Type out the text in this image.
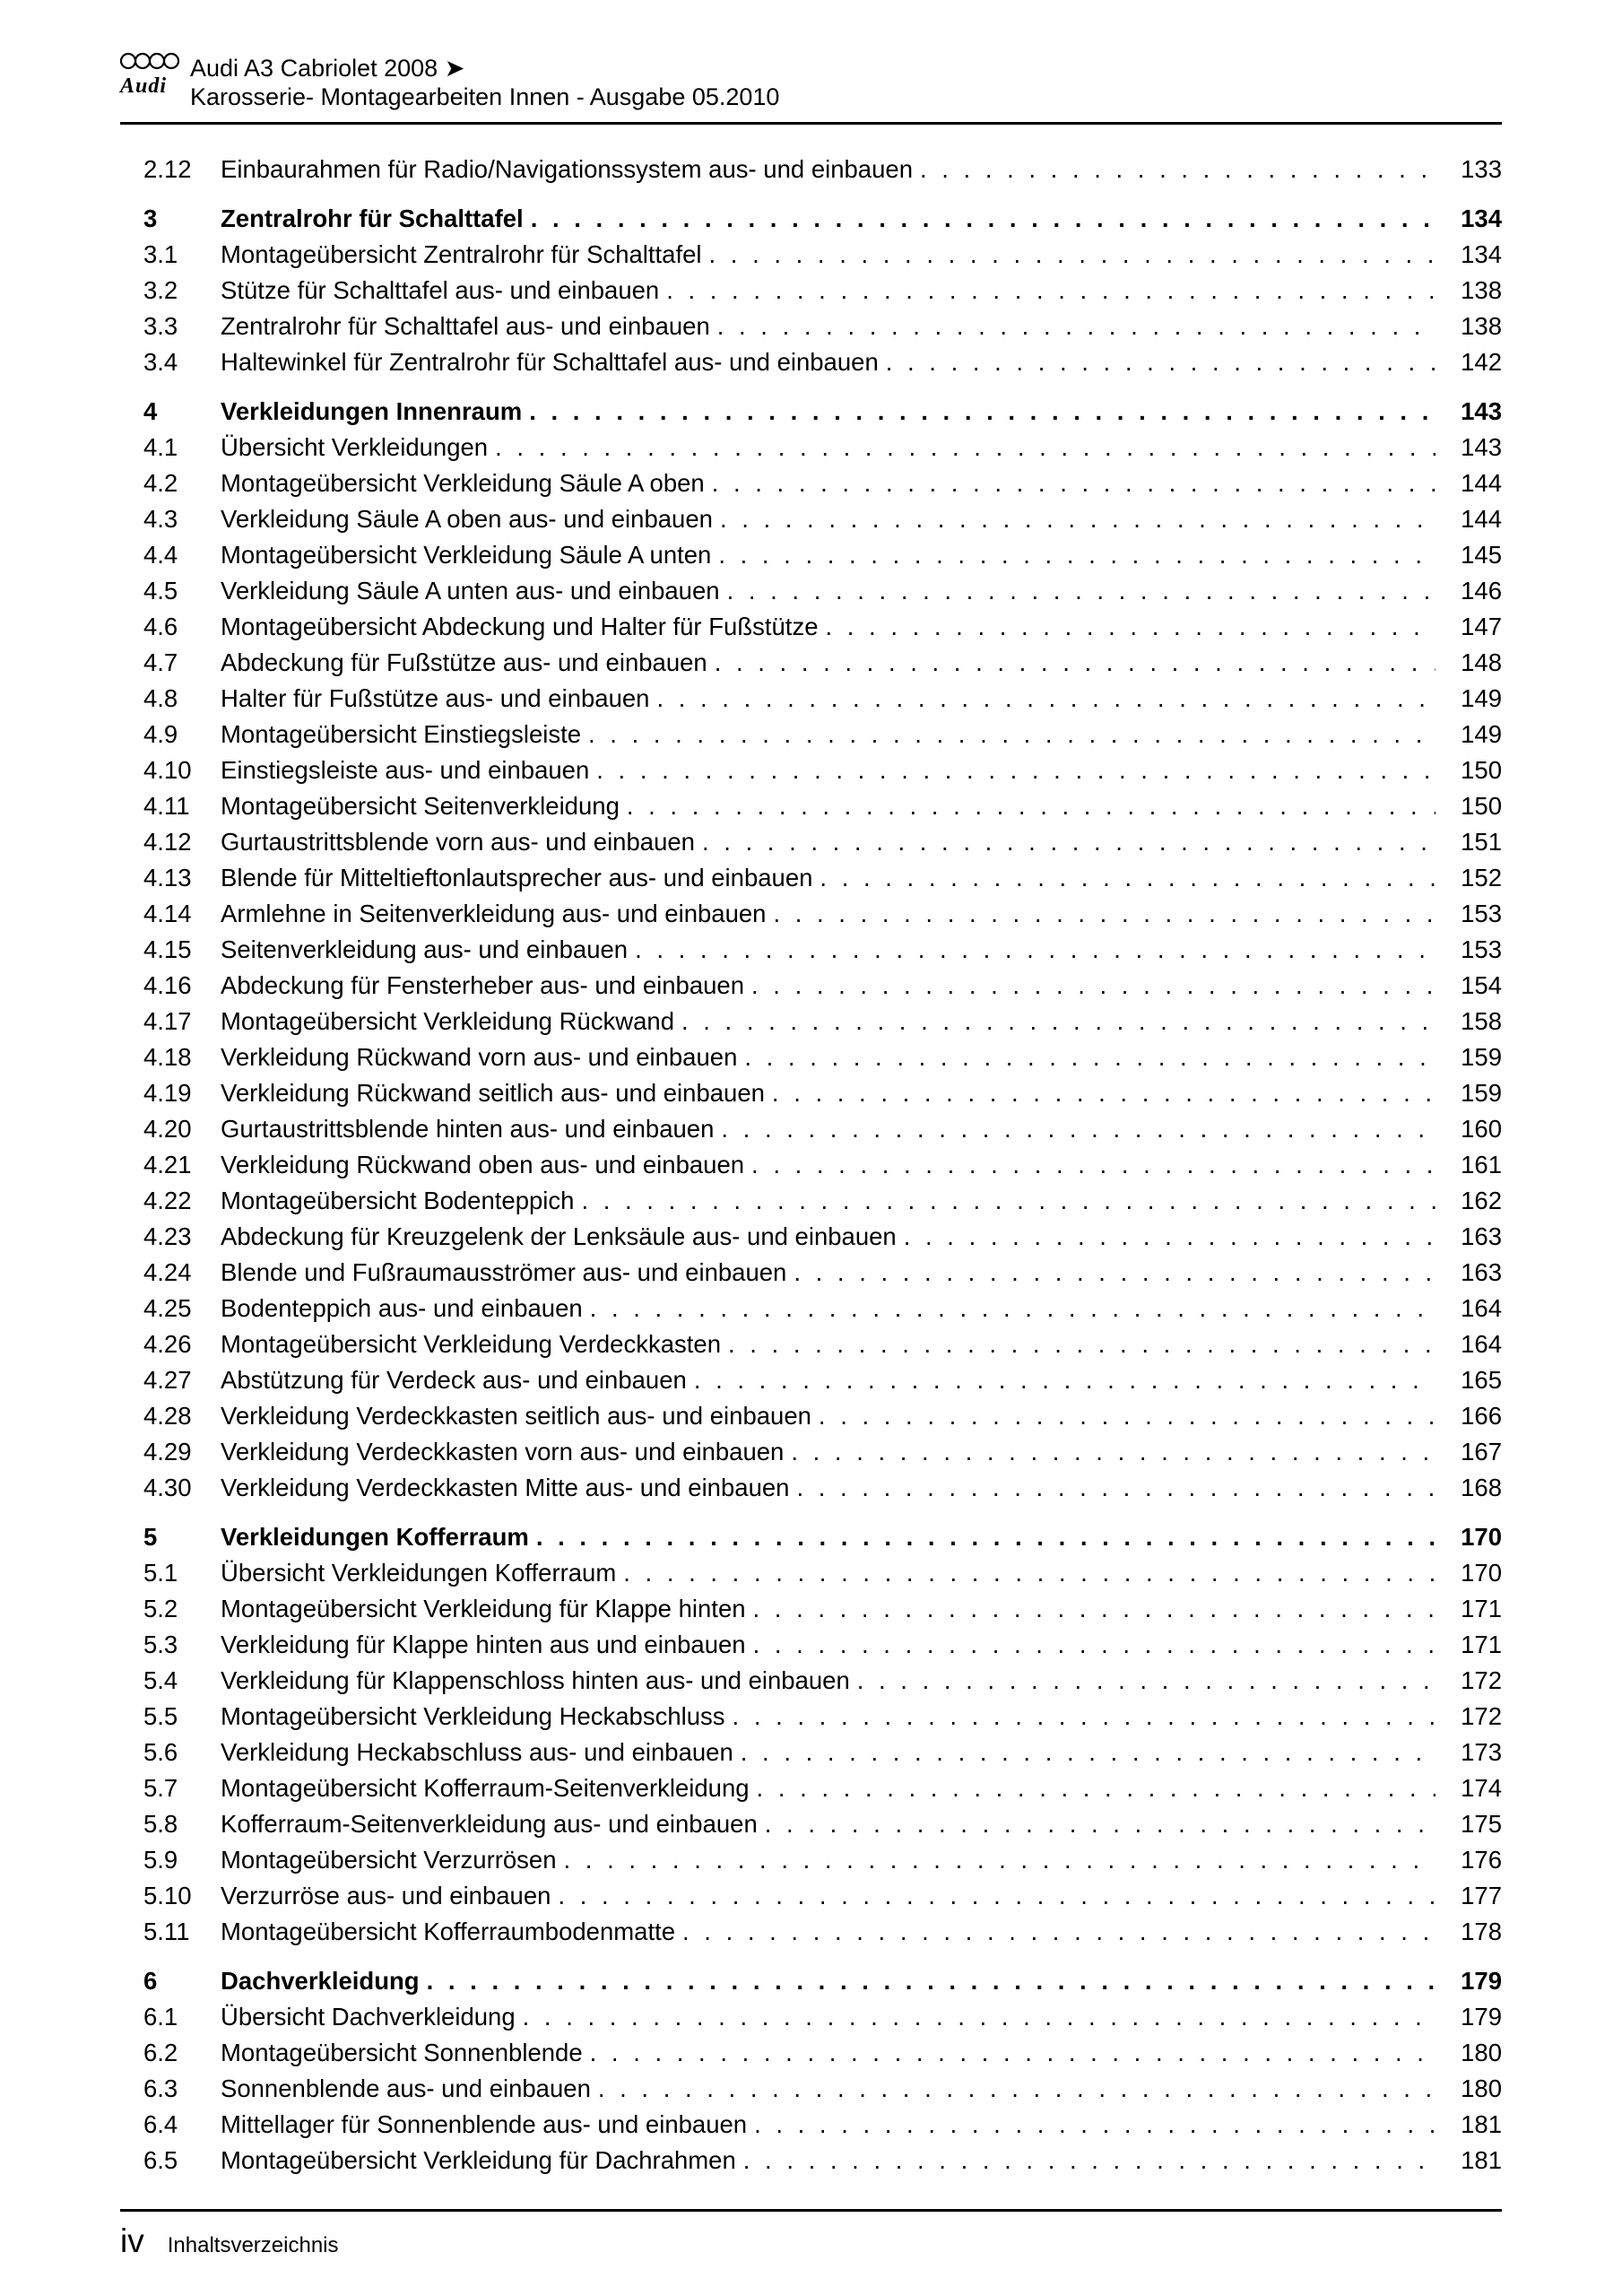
Audi
Audi A3 Cabriolet 2008 ➤
Karosserie- Montagearbeiten Innen - Ausgabe 05.2010
2.12	Einbaurahmen für Radio/Navigationssystem aus- und einbauen . . .	133
3	Zentralrohr für Schalttafel . . .	134
3.1	Montageübersicht Zentralrohr für Schalttafel . . .	134
3.2	Stütze für Schalttafel aus- und einbauen . . .	138
3.3	Zentralrohr für Schalttafel aus- und einbauen . . .	138
3.4	Haltewinkel für Zentralrohr für Schalttafel aus- und einbauen . . .	142
4	Verkleidungen Innenraum . . .	143
4.1	Übersicht Verkleidungen . . .	143
4.2	Montageübersicht Verkleidung Säule A oben . . .	144
4.3	Verkleidung Säule A oben aus- und einbauen . . .	144
4.4	Montageübersicht Verkleidung Säule A unten . . .	145
4.5	Verkleidung Säule A unten aus- und einbauen . . .	146
4.6	Montageübersicht Abdeckung und Halter für Fußstütze . . .	147
4.7	Abdeckung für Fußstütze aus- und einbauen . . .	148
4.8	Halter für Fußstütze aus- und einbauen . . .	149
4.9	Montageübersicht Einstiegsleiste . . .	149
4.10	Einstiegsleiste aus- und einbauen . . .	150
4.11	Montageübersicht Seitenverkleidung . . .	150
4.12	Gurtaustrittsblende vorn aus- und einbauen . . .	151
4.13	Blende für Mitteltieftonlautsprecher aus- und einbauen . . .	152
4.14	Armlehne in Seitenverkleidung aus- und einbauen . . .	153
4.15	Seitenverkleidung aus- und einbauen . . .	153
4.16	Abdeckung für Fensterheber aus- und einbauen . . .	154
4.17	Montageübersicht Verkleidung Rückwand . . .	158
4.18	Verkleidung Rückwand vorn aus- und einbauen . . .	159
4.19	Verkleidung Rückwand seitlich aus- und einbauen . . .	159
4.20	Gurtaustrittsblende hinten aus- und einbauen . . .	160
4.21	Verkleidung Rückwand oben aus- und einbauen . . .	161
4.22	Montageübersicht Bodenteppich . . .	162
4.23	Abdeckung für Kreuzgelenk der Lenksäule aus- und einbauen . . .	163
4.24	Blende und Fußraumausströmer aus- und einbauen . . .	163
4.25	Bodenteppich aus- und einbauen . . .	164
4.26	Montageübersicht Verkleidung Verdeckkasten . . .	164
4.27	Abstützung für Verdeck aus- und einbauen . . .	165
4.28	Verkleidung Verdeckkasten seitlich aus- und einbauen . . .	166
4.29	Verkleidung Verdeckkasten vorn aus- und einbauen . . .	167
4.30	Verkleidung Verdeckkasten Mitte aus- und einbauen . . .	168
5	Verkleidungen Kofferraum . . .	170
5.1	Übersicht Verkleidungen Kofferraum . . .	170
5.2	Montageübersicht Verkleidung für Klappe hinten . . .	171
5.3	Verkleidung für Klappe hinten aus und einbauen . . .	171
5.4	Verkleidung für Klappenschloss hinten aus- und einbauen . . .	172
5.5	Montageübersicht Verkleidung Heckabschluss . . .	172
5.6	Verkleidung Heckabschluss aus- und einbauen . . .	173
5.7	Montageübersicht Kofferraum-Seitenverkleidung . . .	174
5.8	Kofferraum-Seitenverkleidung aus- und einbauen . . .	175
5.9	Montageübersicht Verzurrösen . . .	176
5.10	Verzurröse aus- und einbauen . . .	177
5.11	Montageübersicht Kofferraumbodenmatte . . .	178
6	Dachverkleidung . . .	179
6.1	Übersicht Dachverkleidung . . .	179
6.2	Montageübersicht Sonnenblende . . .	180
6.3	Sonnenblende aus- und einbauen . . .	180
6.4	Mittellager für Sonnenblende aus- und einbauen . . .	181
6.5	Montageübersicht Verkleidung für Dachrahmen . . .	181
iv Inhaltsverzeichnis
